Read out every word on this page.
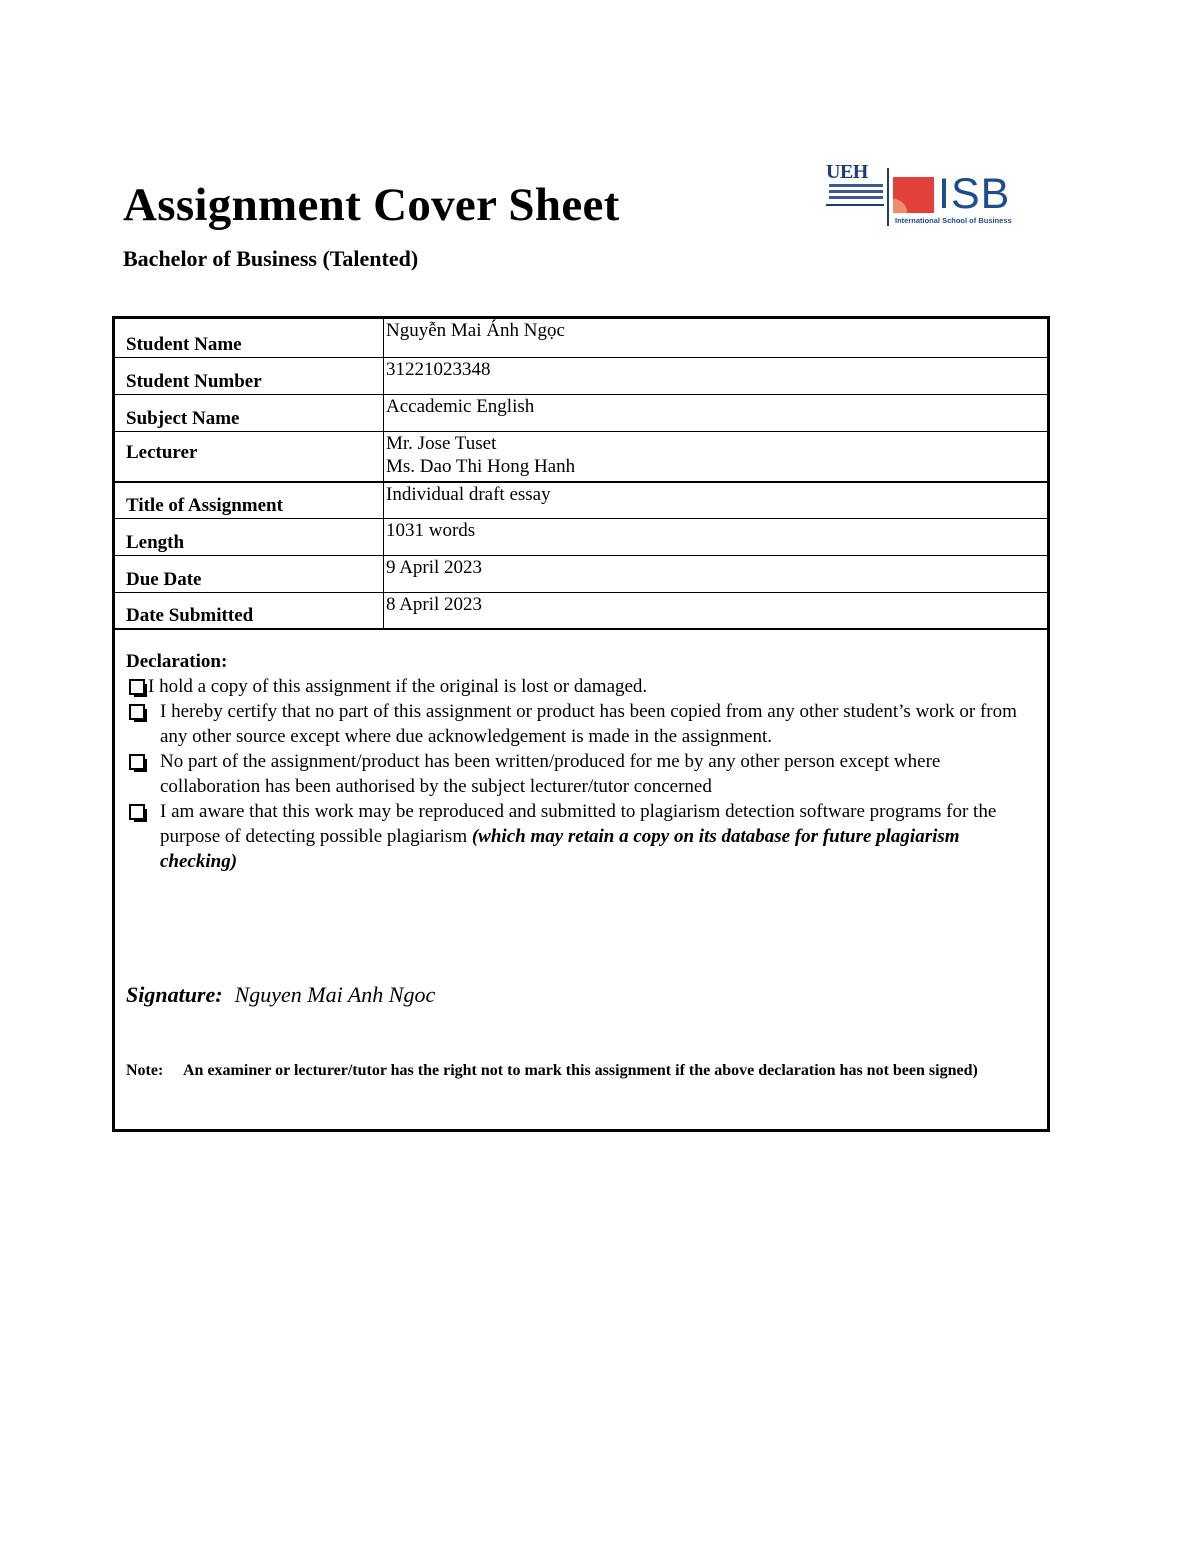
Assignment Cover Sheet
Bachelor of Business (Talented)
UEH ISB
International School of Business
Student Name	Nguyễn Mai Ánh Ngọc
Student Number	31221023348
Subject Name	Accademic English
Lecturer	Mr. Jose Tuset
Ms. Dao Thi Hong Hanh

Title of Assignment	Individual draft essay
Length	1031 words
Due Date	9 April 2023
Date Submitted	8 April 2023

Declaration:

I hold a copy of this assignment if the original is lost or damaged.
I hereby certify that no part of this assignment or product has been copied from any other student’s work or from any other source except where due acknowledgement is made in the assignment.
No part of the assignment/product has been written/produced for me by any other person except where collaboration has been authorised by the subject lecturer/tutor concerned
I am aware that this work may be reproduced and submitted to plagiarism detection software programs for the purpose of detecting possible plagiarism (which may retain a copy on its database for future plagiarism checking)
Signature: Nguyen Mai Anh Ngoc
Note: An examiner or lecturer/tutor has the right not to mark this assignment if the above declaration has not been signed)
